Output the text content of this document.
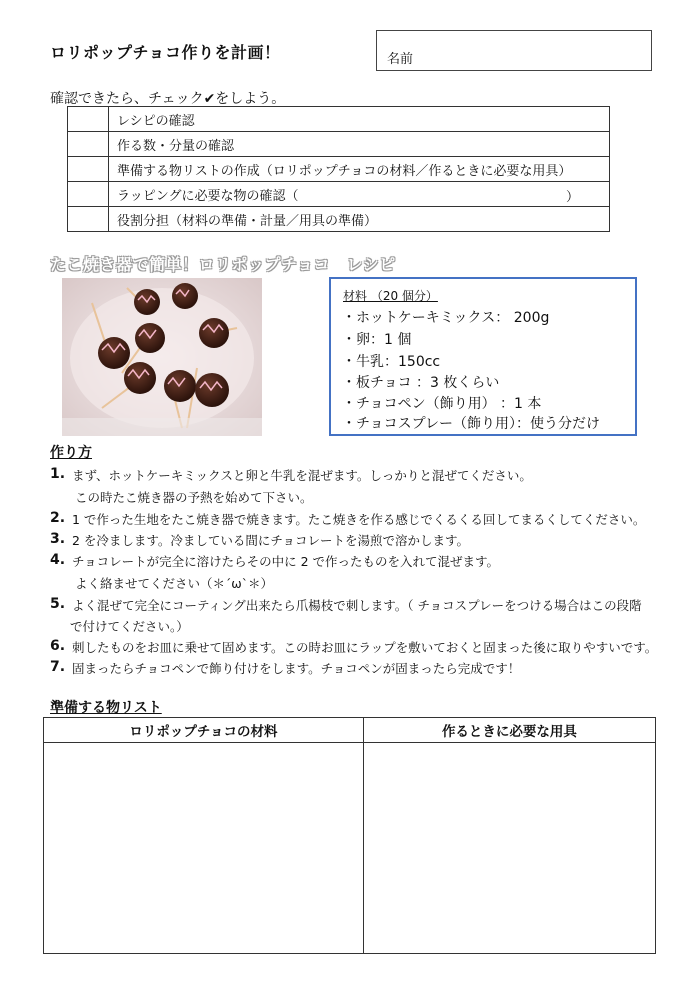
ロリポップチョコ作りを計画！	名前
確認できたら、チェック✔をしよう。
	レシピの確認
	作る数・分量の確認
	準備する物リストの作成（ロリポップチョコの材料／作るときに必要な用具）
	ラッピングに必要な物の確認（ ）

	役割分担（材料の準備・計量／用具の準備）
たこ焼き器で簡単！ロリポップチョコ　レシピ
材料 （20 個分）
・ホットケーキミックス： 200g
・卵：1 個
・牛乳：150cc
・板チョコ ：3 枚くらい
・チョコペン（飾り用） ：1 本
・チョコスプレー（飾り用）：使う分だけ
作り方
1. まず、ホットケーキミックスと卵と牛乳を混ぜます。しっかりと混ぜてください。
この時たこ焼き器の予熱を始めて下さい。
2. 1 で作った生地をたこ焼き器で焼きます。たこ焼きを作る感じでくるくる回してまるくしてください。
3. 2 を冷まします。冷ましている間にチョコレートを湯煎で溶かします。
4. チョコレートが完全に溶けたらその中に 2 で作ったものを入れて混ぜます。
よく絡ませてください（＊´ω`＊）
5. よく混ぜて完全にコーティング出来たら爪楊枝で刺します。（ チョコスプレーをつける場合はこの段階
で付けてください。）
6. 刺したものをお皿に乗せて固めます。この時お皿にラップを敷いておくと固まった後に取りやすいです。
7. 固まったらチョコペンで飾り付けをします。チョコペンが固まったら完成です！
準備する物リスト
ロリポップチョコの材料	作るときに必要な用具
